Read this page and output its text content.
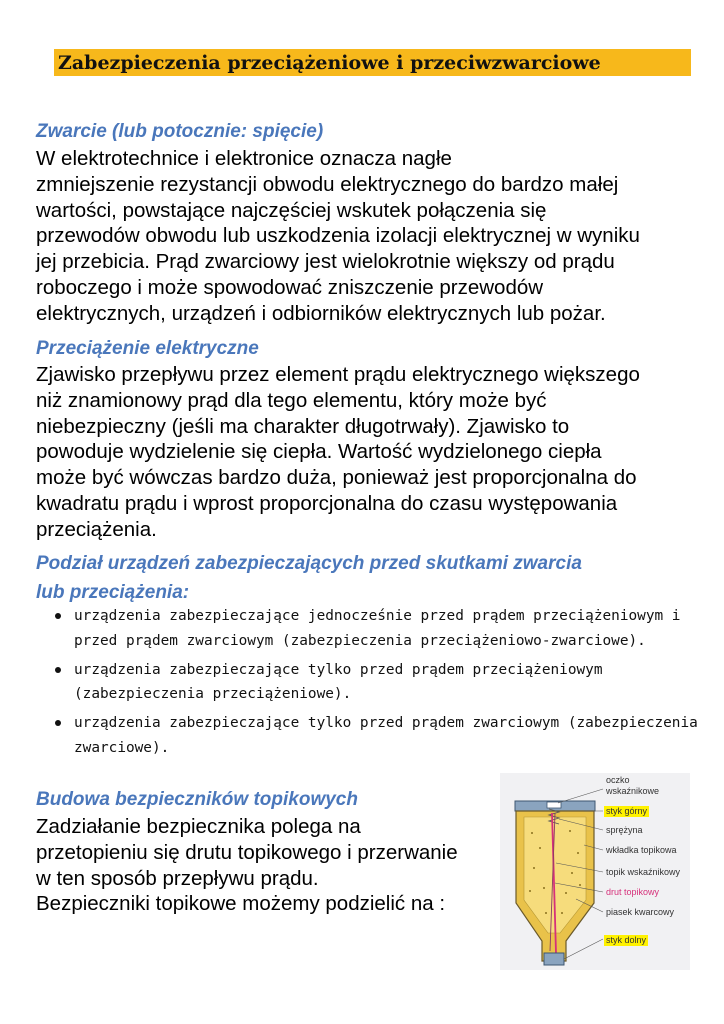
Zabezpieczenia przeciążeniowe i przeciwzwarciowe
Zwarcie (lub potocznie: spięcie)

W elektrotechnice i elektronice oznacza nagłe
zmniejszenie rezystancji obwodu elektrycznego do bardzo małej
wartości, powstające najczęściej wskutek połączenia się
przewodów obwodu lub uszkodzenia izolacji elektrycznej w wyniku
jej przebicia. Prąd zwarciowy jest wielokrotnie większy od prądu
roboczego i może spowodować zniszczenie przewodów
elektrycznych, urządzeń i odbiorników elektrycznych lub pożar.

Przeciążenie elektryczne

Zjawisko przepływu przez element prądu elektrycznego większego
niż znamionowy prąd dla tego elementu, który może być
niebezpieczny (jeśli ma charakter długotrwały). Zjawisko to
powoduje wydzielenie się ciepła. Wartość wydzielonego ciepła
może być wówczas bardzo duża, ponieważ jest proporcjonalna do
kwadratu prądu i wprost proporcjonalna do czasu występowania
przeciążenia.

Podział urządzeń zabezpieczających przed skutkami zwarcia
lub przeciążenia:
urządzenia zabezpieczające jednocześnie przed prądem przeciążeniowym i
przed prądem zwarciowym (zabezpieczenia przeciążeniowo-zwarciowe).
urządzenia zabezpieczające tylko przed prądem przeciążeniowym
(zabezpieczenia przeciążeniowe).
urządzenia zabezpieczające tylko przed prądem zwarciowym (zabezpieczenia
zwarciowe).
Budowa bezpieczników topikowych

Zadziałanie bezpiecznika polega na
przetopieniu się drutu topikowego i przerwanie
w ten sposób przepływu prądu.
Bezpieczniki topikowe możemy podzielić na :

oczko
wskaźnikowe
styk górny
sprężyna
wkładka topikowa
topik wskaźnikowy
drut topikowy
piasek kwarcowy
styk dolny
